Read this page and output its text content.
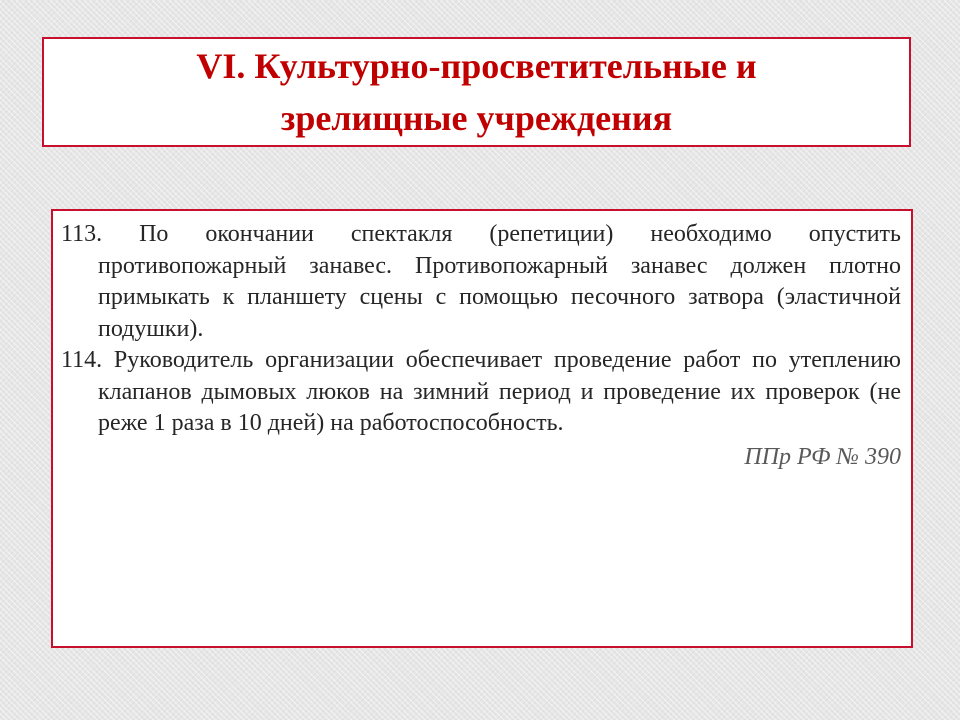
VI. Культурно-просветительные и
зрелищные учреждения

113. По окончании спектакля (репетиции) необходимо опустить противопожарный занавес. Противопожарный занавес должен плотно примыкать к планшету сцены с помощью песочного затвора (эластичной подушки).

114. Руководитель организации обеспечивает проведение работ по утеплению клапанов дымовых люков на зимний период и проведение их проверок (не реже 1 раза в 10 дней) на работоспособность.

ППр РФ № 390
